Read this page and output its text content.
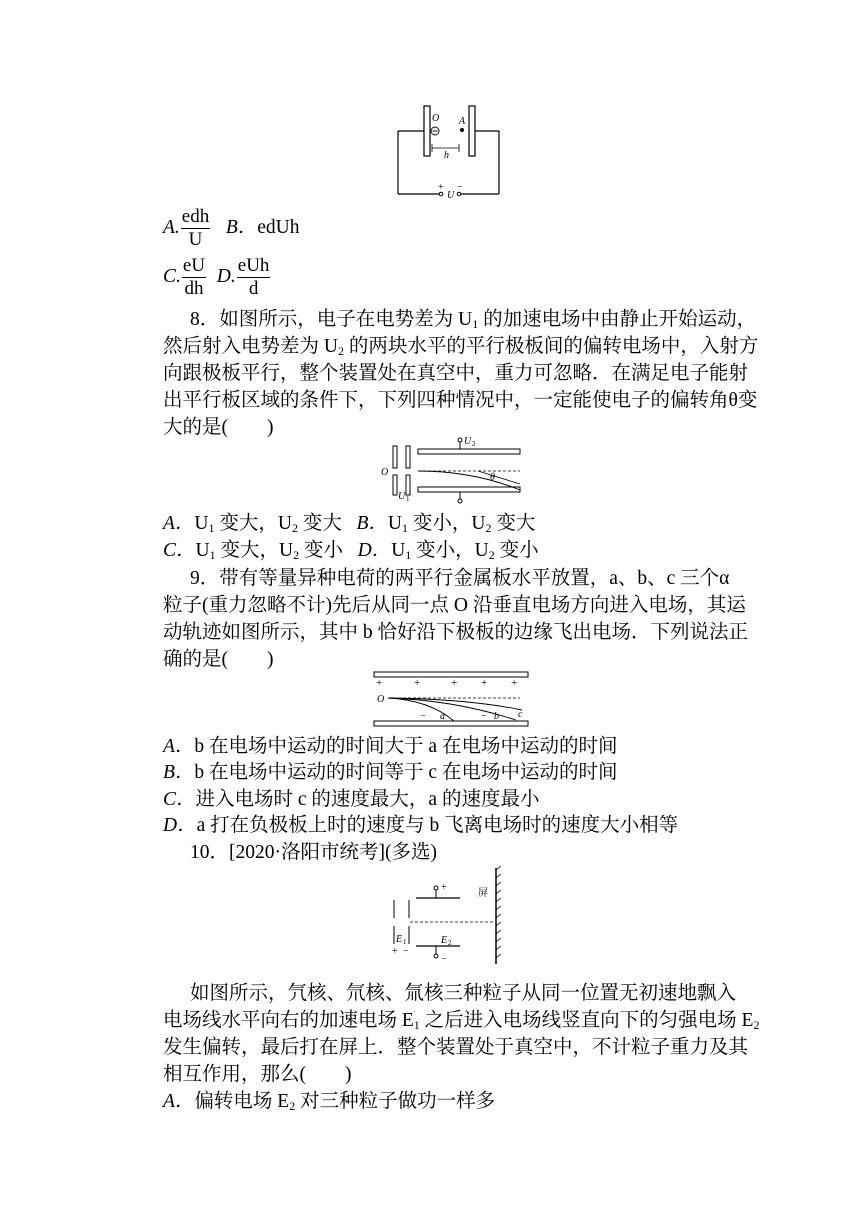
O A
h
+
U
−
A. $\frac{\text{edh}}{U}$ B．edUh
C. $\frac{eU}{dh} D$. $\frac{\text{eUh}}{d}$
8．如图所示，电子在电势差为 $U_1$ 的加速电场中由静止开始运动，
然后射入电势差为 $U_2$ 的两块水平的平行极板间的偏转电场中，入射方
向跟极板平行，整个装置处在真空中，重力可忽略．在满足电子能射
出平行板区域的条件下，下列四种情况中，一定能使电子的偏转角θ变
大的是(　　)
O
U 2
U 1
θ
A．$U_1$ 变大，$U_2$ 变大 B．$U_1$ 变小，$U_2$ 变大
C．$U_1$ 变大，$U_2$ 变小 D．$U_1$ 变小，$U_2$ 变小
9．带有等量异种电荷的两平行金属板水平放置，a、b、c 三个α
粒子(重力忽略不计)先后从同一点 O 沿垂直电场方向进入电场，其运
动轨迹如图所示，其中 b 恰好沿下极板的边缘飞出电场．下列说法正
确的是(　　)
+	+	+ + +
O
−	−
a	b c
A．b 在电场中运动的时间大于 a 在电场中运动的时间
B．b 在电场中运动的时间等于 c 在电场中运动的时间
C．进入电场时 c 的速度最大，a 的速度最小
D．a 打在负极板上时的速度与 b 飞离电场时的速度大小相等
10．[2020·洛阳市统考](多选)
屏
+
E 1	E 2
+ −
−
如图所示，氕核、氘核、氚核三种粒子从同一位置无初速地飘入
电场线水平向右的加速电场 $E_1$ 之后进入电场线竖直向下的匀强电场 $E_2$
发生偏转，最后打在屏上．整个装置处于真空中，不计粒子重力及其
相互作用，那么(　　)
A．偏转电场 $E_2$ 对三种粒子做功一样多
